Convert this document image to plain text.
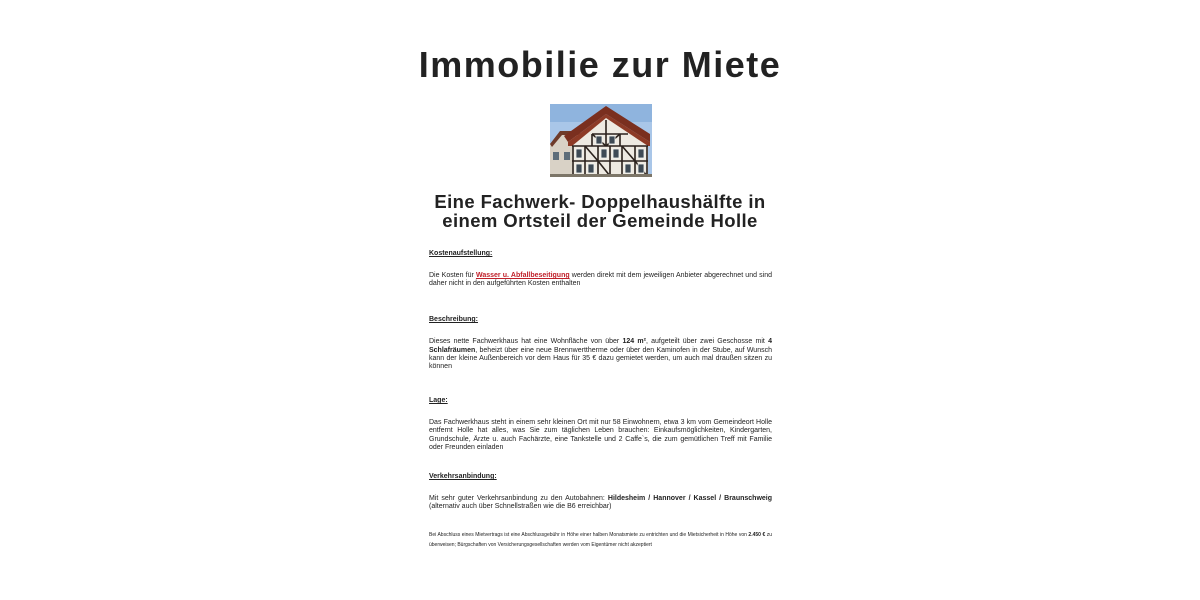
Immobilie zur Miete
Eine Fachwerk- Doppelhaushälfte in einem Ortsteil der Gemeinde Holle

Kostenaufstellung:

Die Kosten für Wasser u. Abfallbeseitigung werden direkt mit dem jeweiligen Anbieter abgerechnet und sind daher nicht in den aufgeführten Kosten enthalten

Beschreibung:

Dieses nette Fachwerkhaus hat eine Wohnfläche von über 124 m², aufgeteilt über zwei Geschosse mit 4 Schlafräumen, beheizt über eine neue Brennwerttherme oder über den Kaminofen in der Stube, auf Wunsch kann der kleine Außenbereich vor dem Haus für 35 € dazu gemietet werden, um auch mal draußen sitzen zu können

Lage:

Das Fachwerkhaus steht in einem sehr kleinen Ort mit nur 58 Einwohnern, etwa 3 km vom Gemeindeort Holle entfernt Holle hat alles, was Sie zum täglichen Leben brauchen: Einkaufsmöglichkeiten, Kindergarten, Grundschule, Ärzte u. auch Fachärzte, eine Tankstelle und 2 Caffe`s, die zum gemütlichen Treff mit Familie oder Freunden einladen

Verkehrsanbindung:

Mit sehr guter Verkehrsanbindung zu den Autobahnen: Hildesheim / Hannover / Kassel / Braunschweig (alternativ auch über Schnellstraßen wie die B6 erreichbar)

Bei Abschluss eines Mietvertrags ist eine Abschlussgebühr in Höhe einer halben Monatsmiete zu entrichten und die Mietsicherheit in Höhe von 2.450 € zu überweisen; Bürgschaften von Versicherungsgesellschaften werden vom Eigentümer nicht akzeptiert
